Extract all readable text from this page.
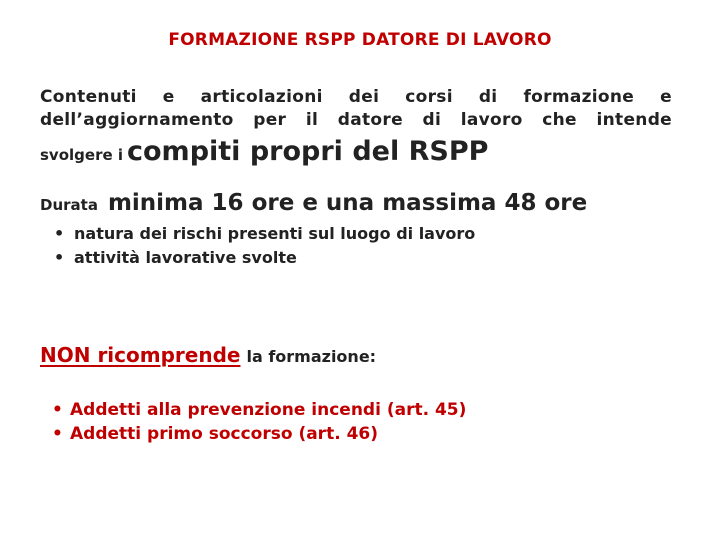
FORMAZIONE RSPP DATORE DI LAVORO
Contenuti e articolazioni dei corsi di formazione e dell’aggiornamento per il datore di lavoro che intende
svolgere i compiti propri del RSPP
Durata minima 16 ore e una massima 48 ore
• natura dei rischi presenti sul luogo di lavoro
• attività lavorative svolte
NON ricomprende la formazione:
• Addetti alla prevenzione incendi (art. 45)
• Addetti primo soccorso (art. 46)
